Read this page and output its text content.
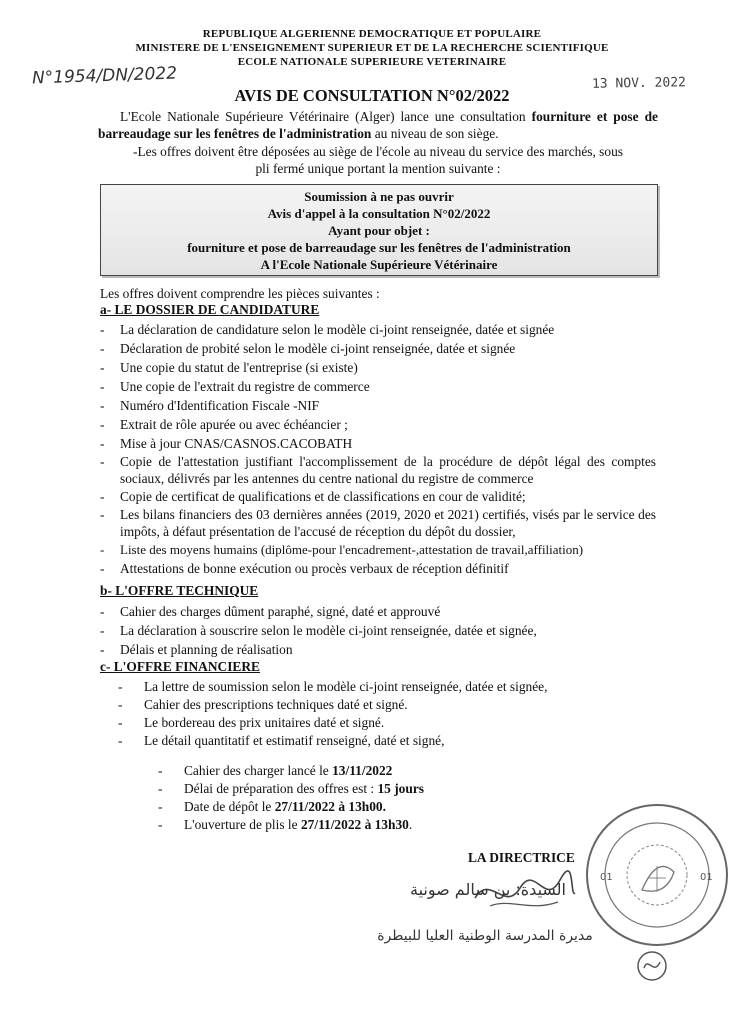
REPUBLIQUE ALGERIENNE DEMOCRATIQUE ET POPULAIRE
MINISTERE DE L'ENSEIGNEMENT SUPERIEUR ET DE LA RECHERCHE SCIENTIFIQUE
ECOLE NATIONALE SUPERIEURE VETERINAIRE
N°1954/DN/2022	13 NOV. 2022
AVIS DE CONSULTATION N°02/2022
L'Ecole Nationale Supérieure Vétérinaire (Alger) lance une consultation fourniture et pose de barreaudage sur les fenêtres de l'administration au niveau de son siège.
-Les offres doivent être déposées au siège de l'école au niveau du service des marchés, sous
pli fermé unique portant la mention suivante :
Soumission à ne pas ouvrir
Avis d'appel à la consultation N°02/2022
Ayant pour objet :
fourniture et pose de barreaudage sur les fenêtres de l'administration
A l'Ecole Nationale Supérieure Vétérinaire
Les offres doivent comprendre les pièces suivantes :
a- LE DOSSIER DE CANDIDATURE
- La déclaration de candidature selon le modèle ci-joint renseignée, datée et signée
- Déclaration de probité selon le modèle ci-joint renseignée, datée et signée
- Une copie du statut de l'entreprise (si existe)
- Une copie de l'extrait du registre de commerce
- Numéro d'Identification Fiscale -NIF
- Extrait de rôle apurée ou avec échéancier ;
- Mise à jour CNAS/CASNOS.CACOBATH
- Copie de l'attestation justifiant l'accomplissement de la procédure de dépôt légal des comptes sociaux, délivrés par les antennes du centre national du registre de commerce
- Copie de certificat de qualifications et de classifications en cour de validité;
- Les bilans financiers des 03 dernières années (2019, 2020 et 2021) certifiés, visés par le service des impôts, à défaut présentation de l'accusé de réception du dépôt du dossier,
- Liste des moyens humains (diplôme-pour l'encadrement-,attestation de travail,affiliation)
- Attestations de bonne exécution ou procès verbaux de réception définitif
b- L'OFFRE TECHNIQUE
- Cahier des charges dûment paraphé, signé, daté et approuvé
- La déclaration à souscrire selon le modèle ci-joint renseignée, datée et signée,
- Délais et planning de réalisation
c- L'OFFRE FINANCIERE
- La lettre de soumission selon le modèle ci-joint renseignée, datée et signée,
- Cahier des prescriptions techniques daté et signé.
- Le bordereau des prix unitaires daté et signé.
- Le détail quantitatif et estimatif renseigné, daté et signé,
- Cahier des charger lancé le 13/11/2022
- Délai de préparation des offres est : 15 jours
- Date de dépôt le 27/11/2022 à 13h00.
- L'ouverture de plis le 27/11/2022 à 13h30.
LA DIRECTRICE
01	01
السيدة: بن سالم صونية
مديرة المدرسة الوطنية العليا للبيطرة
